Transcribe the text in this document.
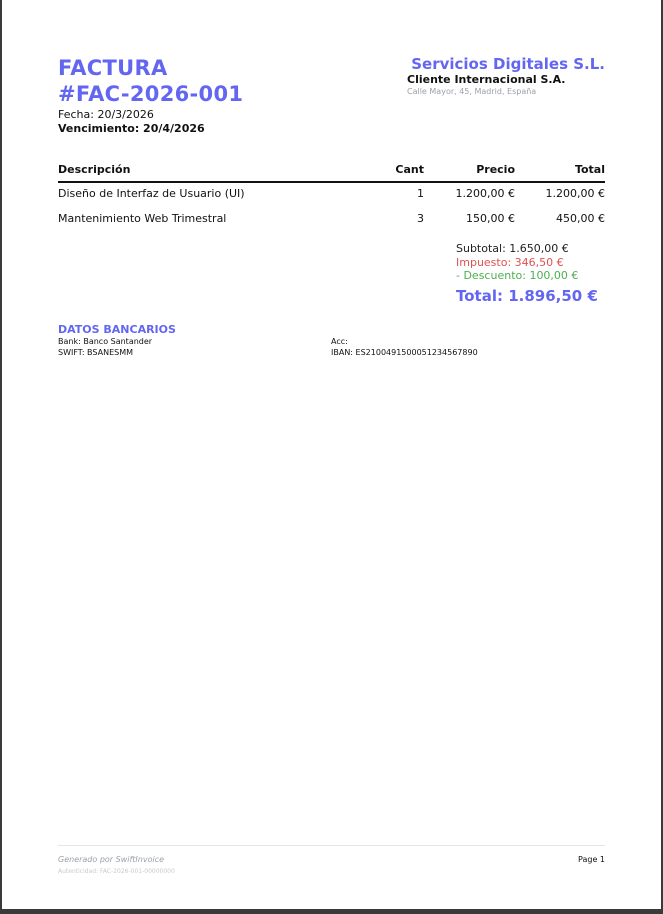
FACTURA
#FAC-2026-001
Fecha: 20/3/2026
Vencimiento: 20/4/2026
Servicios Digitales S.L.
Cliente Internacional S.A.
Calle Mayor, 45, Madrid, España
Descripción	Cant	Precio	Total
Diseño de Interfaz de Usuario (UI)	1	1.200,00 €	1.200,00 €
Mantenimiento Web Trimestral	3	150,00 €	450,00 €
Subtotal: 1.650,00 €
Impuesto: 346,50 €
- Descuento: 100,00 €
Total: 1.896,50 €
DATOS BANCARIOS
Bank: Banco Santander
SWIFT: BSANESMM
Acc:
IBAN: ES2100491500051234567890
Generado por SwiftInvoice
Autenticidad: FAC-2026-001-00000000
Page 1
